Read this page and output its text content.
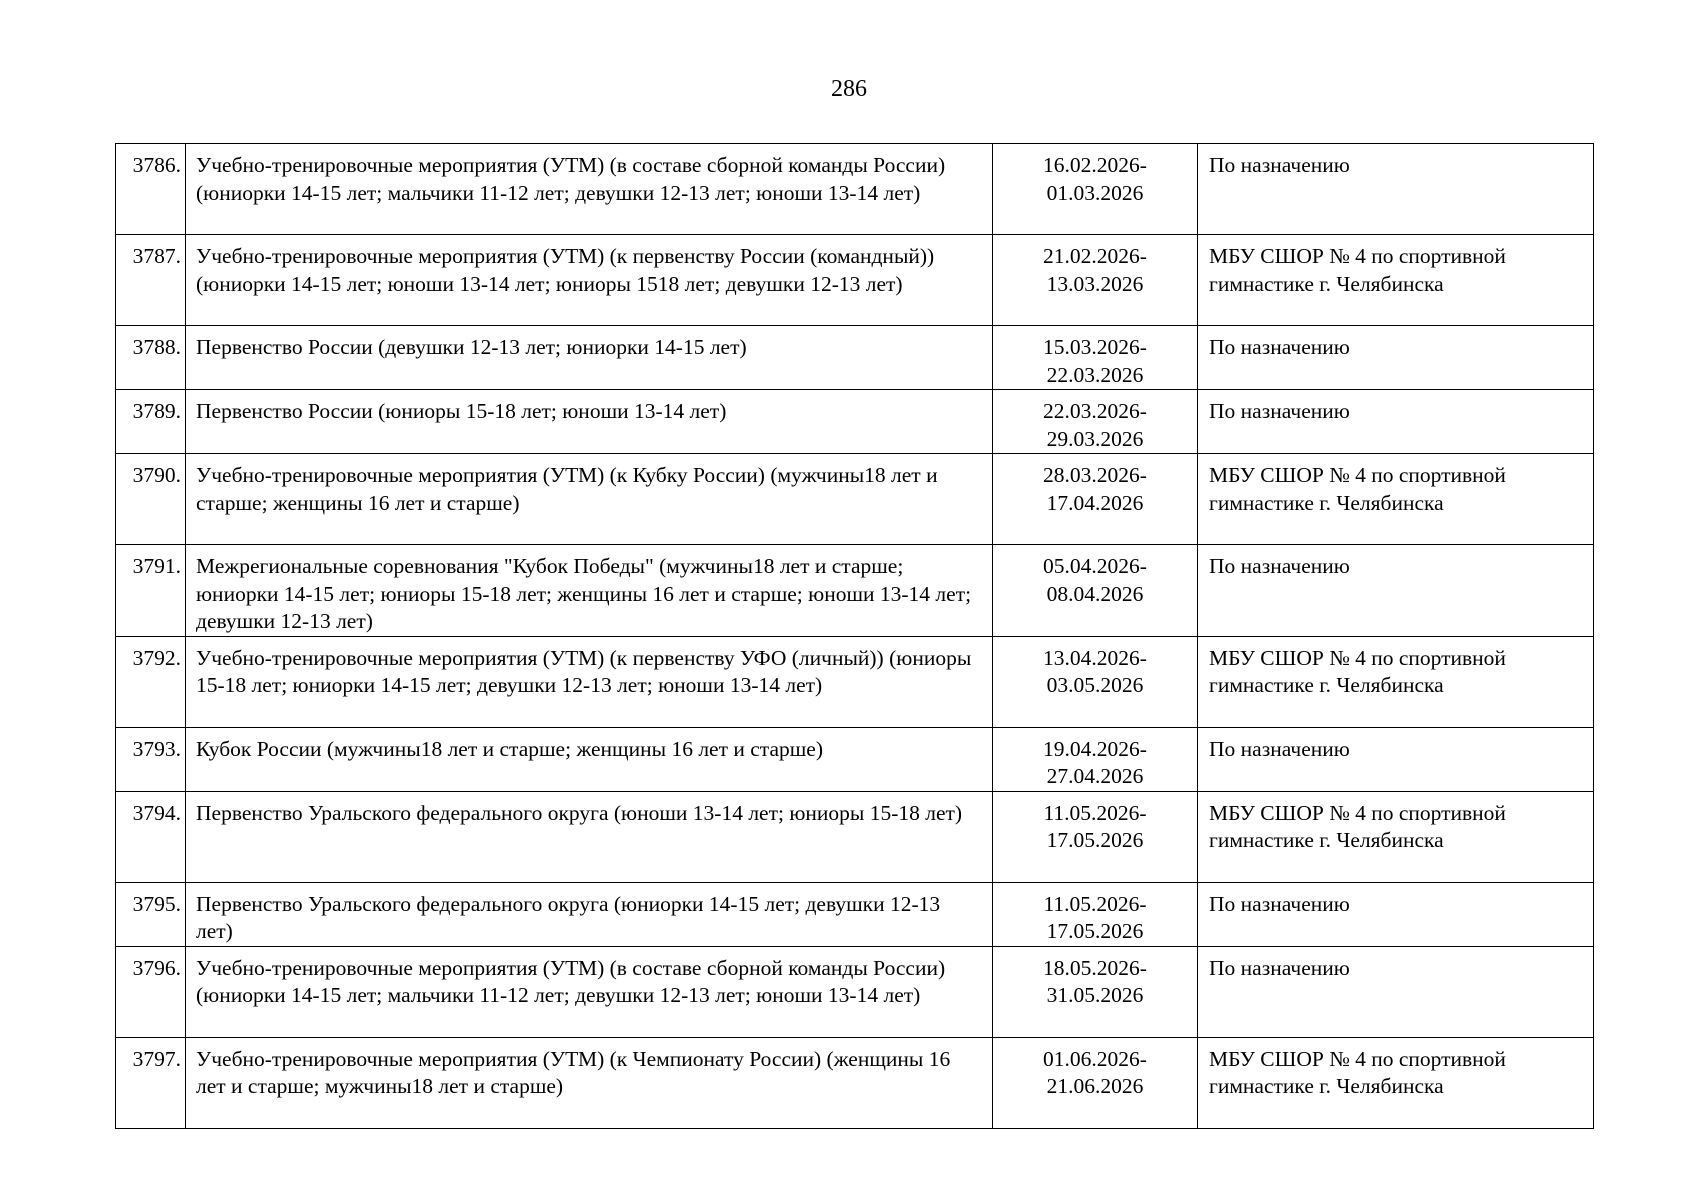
286
3786.	Учебно-тренировочные мероприятия (УТМ) (в составе сборной команды России) (юниорки 14-15 лет; мальчики 11-12 лет; девушки 12-13 лет; юноши 13-14 лет)	16.02.2026-
01.03.2026	По назначению
3787.	Учебно-тренировочные мероприятия (УТМ) (к первенству России (командный)) (юниорки 14-15 лет; юноши 13-14 лет; юниоры 1518 лет; девушки 12-13 лет)	21.02.2026-
13.03.2026	МБУ СШОР № 4 по спортивной гимнастике г. Челябинска
3788.	Первенство России (девушки 12-13 лет; юниорки 14-15 лет)	15.03.2026-
22.03.2026	По назначению
3789.	Первенство России (юниоры 15-18 лет; юноши 13-14 лет)	22.03.2026-
29.03.2026	По назначению
3790.	Учебно-тренировочные мероприятия (УТМ) (к Кубку России) (мужчины18 лет и старше; женщины 16 лет и старше)	28.03.2026-
17.04.2026	МБУ СШОР № 4 по спортивной гимнастике г. Челябинска
3791.	Межрегиональные соревнования "Кубок Победы" (мужчины18 лет и старше; юниорки 14-15 лет; юниоры 15-18 лет; женщины 16 лет и старше; юноши 13-14 лет; девушки 12-13 лет)	05.04.2026-
08.04.2026	По назначению
3792.	Учебно-тренировочные мероприятия (УТМ) (к первенству УФО (личный)) (юниоры 15-18 лет; юниорки 14-15 лет; девушки 12-13 лет; юноши 13-14 лет)	13.04.2026-
03.05.2026	МБУ СШОР № 4 по спортивной гимнастике г. Челябинска
3793.	Кубок России (мужчины18 лет и старше; женщины 16 лет и старше)	19.04.2026-
27.04.2026	По назначению
3794.	Первенство Уральского федерального округа (юноши 13-14 лет; юниоры 15-18 лет)	11.05.2026-
17.05.2026	МБУ СШОР № 4 по спортивной гимнастике г. Челябинска
3795.	Первенство Уральского федерального округа (юниорки 14-15 лет; девушки 12-13 лет)	11.05.2026-
17.05.2026	По назначению
3796.	Учебно-тренировочные мероприятия (УТМ) (в составе сборной команды России) (юниорки 14-15 лет; мальчики 11-12 лет; девушки 12-13 лет; юноши 13-14 лет)	18.05.2026-
31.05.2026	По назначению
3797.	Учебно-тренировочные мероприятия (УТМ) (к Чемпионату России) (женщины 16 лет и старше; мужчины18 лет и старше)	01.06.2026-
21.06.2026	МБУ СШОР № 4 по спортивной гимнастике г. Челябинска
